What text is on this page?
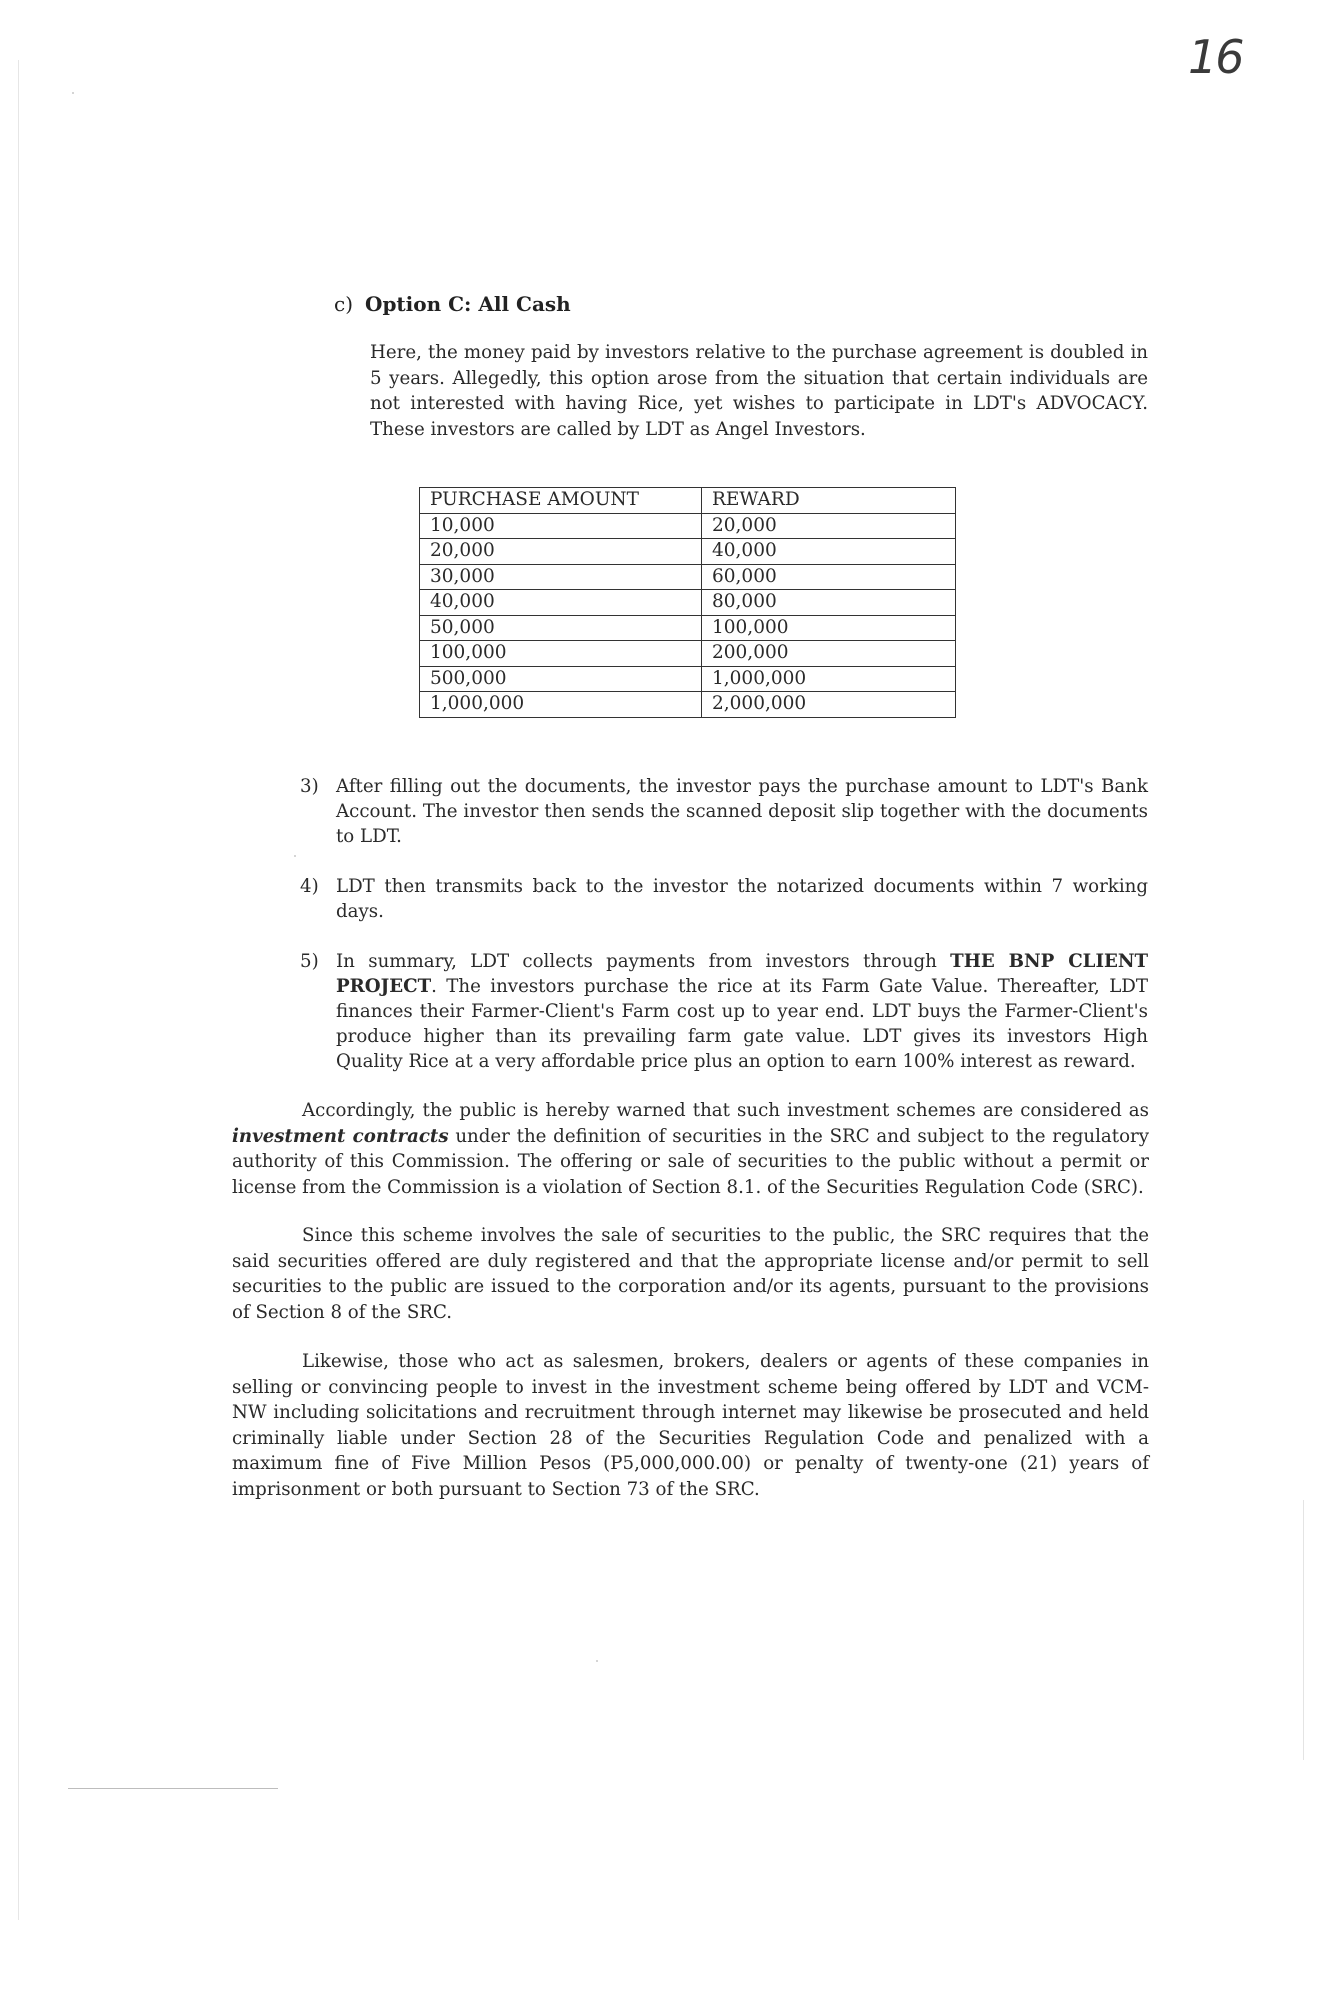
16
c) Option C: All Cash

Here, the money paid by investors relative to the purchase agreement is doubled in 5 years. Allegedly, this option arose from the situation that certain individuals are not interested with having Rice, yet wishes to participate in LDT's ADVOCACY. These investors are called by LDT as Angel Investors.

PURCHASE AMOUNT	REWARD
10,000	20,000
20,000	40,000
30,000	60,000
40,000	80,000
50,000	100,000
100,000	200,000
500,000	1,000,000
1,000,000	2,000,000
3) After filling out the documents, the investor pays the purchase amount to LDT's Bank Account. The investor then sends the scanned deposit slip together with the documents to LDT.
4) LDT then transmits back to the investor the notarized documents within 7 working days.
5) In summary, LDT collects payments from investors through THE BNP CLIENT PROJECT. The investors purchase the rice at its Farm Gate Value. Thereafter, LDT finances their Farmer-Client's Farm cost up to year end. LDT buys the Farmer-Client's produce higher than its prevailing farm gate value. LDT gives its investors High Quality Rice at a very affordable price plus an option to earn 100% interest as reward.

Accordingly, the public is hereby warned that such investment schemes are considered as investment contracts under the definition of securities in the SRC and subject to the regulatory authority of this Commission. The offering or sale of securities to the public without a permit or license from the Commission is a violation of Section 8.1. of the Securities Regulation Code (SRC).

Since this scheme involves the sale of securities to the public, the SRC requires that the said securities offered are duly registered and that the appropriate license and/or permit to sell securities to the public are issued to the corporation and/or its agents, pursuant to the provisions of Section 8 of the SRC.

Likewise, those who act as salesmen, brokers, dealers or agents of these companies in selling or convincing people to invest in the investment scheme being offered by LDT and VCM-NW including solicitations and recruitment through internet may likewise be prosecuted and held criminally liable under Section 28 of the Securities Regulation Code and penalized with a maximum fine of Five Million Pesos (P5,000,000.00) or penalty of twenty-one (21) years of imprisonment or both pursuant to Section 73 of the SRC.
